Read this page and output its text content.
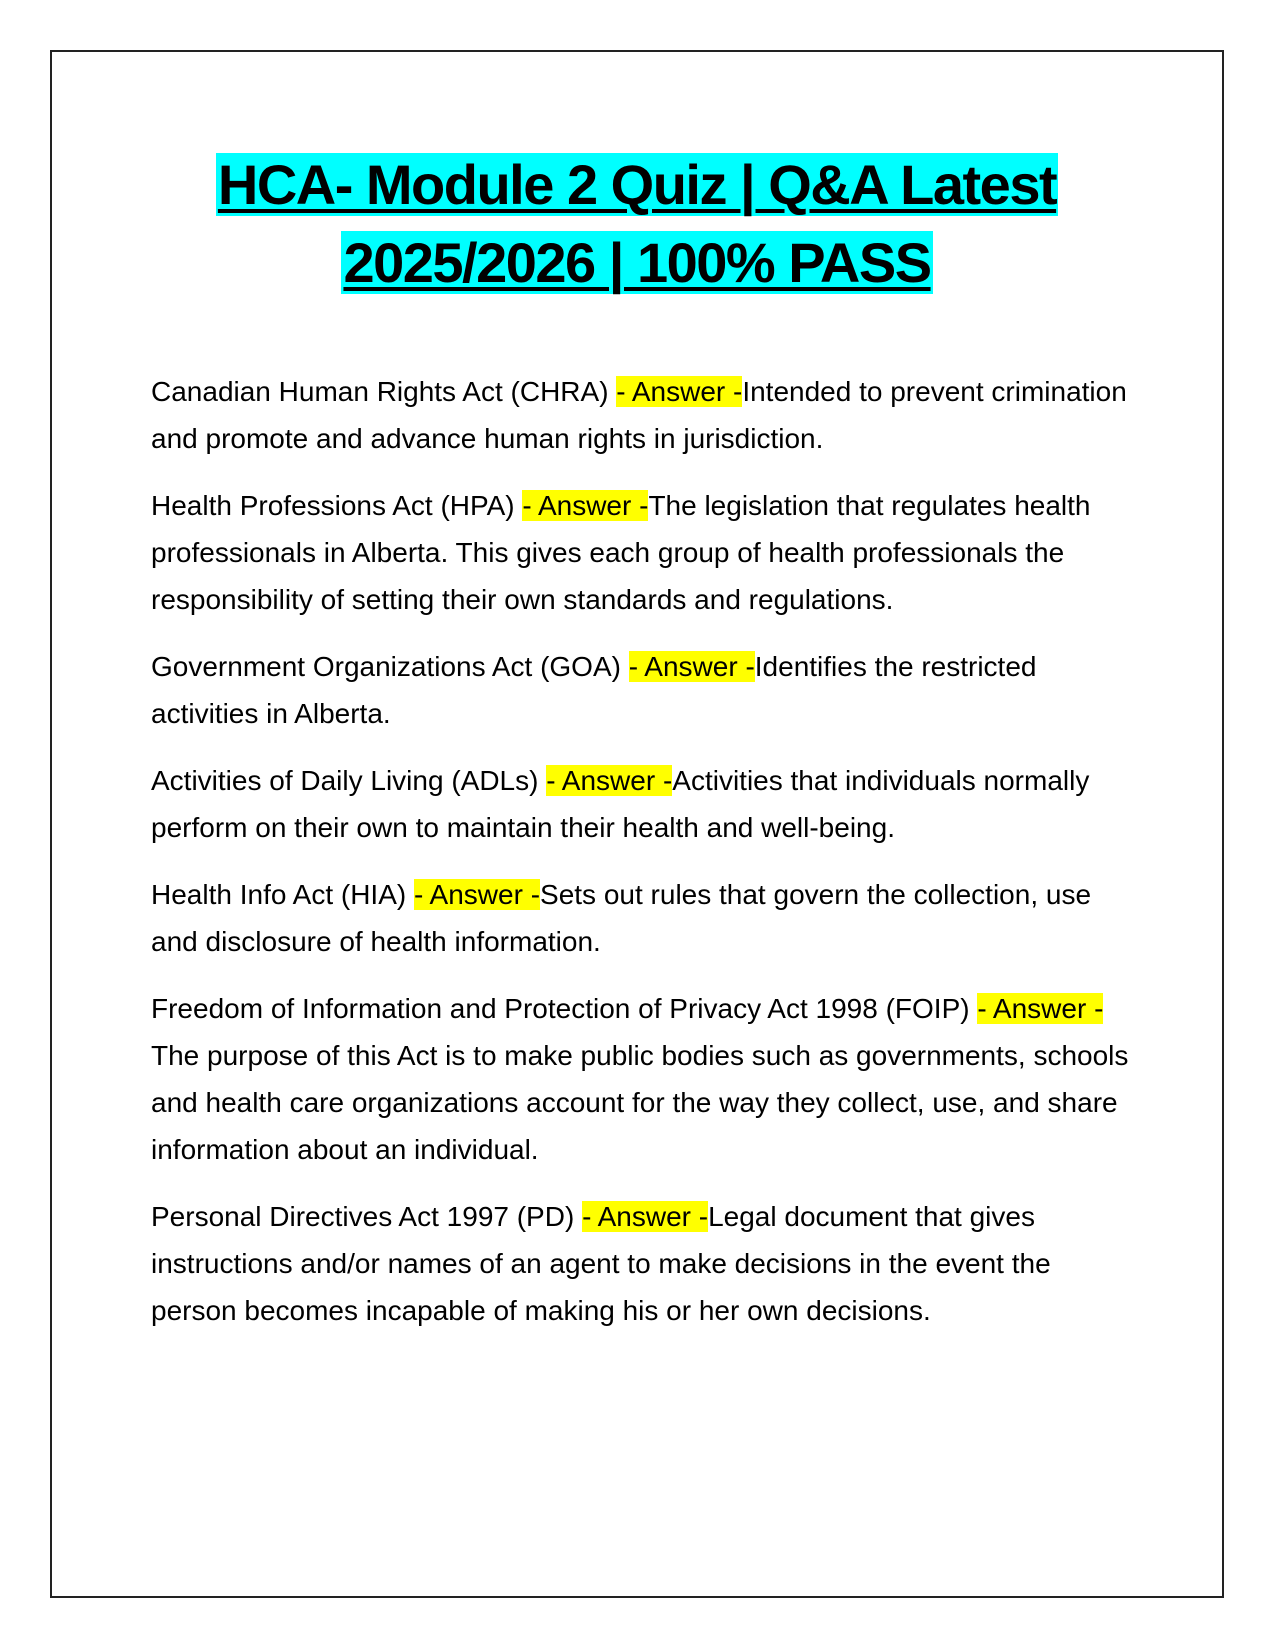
HCA- Module 2 Quiz | Q&A Latest
2025/2026 | 100% PASS

Canadian Human Rights Act (CHRA) - Answer -Intended to prevent crimination and promote and advance human rights in jurisdiction.

Health Professions Act (HPA) - Answer -The legislation that regulates health professionals in Alberta. This gives each group of health professionals the responsibility of setting their own standards and regulations.

Government Organizations Act (GOA) - Answer -Identifies the restricted activities in Alberta.

Activities of Daily Living (ADLs) - Answer -Activities that individuals normally perform on their own to maintain their health and well-being.

Health Info Act (HIA) - Answer -Sets out rules that govern the collection, use and disclosure of health information.

Freedom of Information and Protection of Privacy Act 1998 (FOIP) - Answer -The purpose of this Act is to make public bodies such as governments, schools and health care organizations account for the way they collect, use, and share information about an individual.

Personal Directives Act 1997 (PD) - Answer -Legal document that gives instructions and/or names of an agent to make decisions in the event the person becomes incapable of making his or her own decisions.
